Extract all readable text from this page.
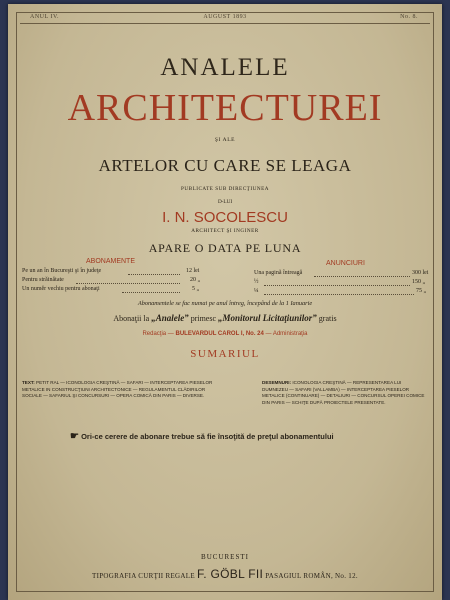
ANUL IV.	AUGUST 1893	No. 8.
ANALELE
ARCHITECTUREI
ŞI ALE
ARTELOR CU CARE SE LEAGA
PUBLICATE SUB DIRECŢIUNEA
D-LUI
I. N. SOCOLESCU
ARCHITECT ŞI INGINER
APARE O DATA PE LUNA
ABONAMENTE
Pe un an în Bucureşti şi în judeţe	12 lei
Pentru străinătate	20 „
Un numĕr vechiu pentru abonaţi	5 „
ANUNCIURI
Una pagină întreagă	300 lei
½	150 „
¼	75 „
Abonamentele se fac numai pe anul întreg, începând de la 1 Ianuarie
Abonaţii la „Analele” primesc „Monitorul Licitaţiunilor” gratis
Redacţia — BULEVARDUL CAROL I, No. 24 — Administraţia
SUMARIUL
TEXT: PETIT RAL — ICONOLOGIA CREŞTINĂ — SAFARI — INTERCEPTAREA PIESELOR METALICE IN CONSTRUCŢIUNI ARCHITECTONICE — REGULAMENTUL CLĂDIRILOR SOCIALE — SAFARIUL ŞI CONCURSURI — OPERA COMICĂ DIN PARIS — DIVERSE.
DESEMNURI: ICONOLOGIA CREŞTINĂ — REPRESENTAREA LUI DUMNEZEU — SAFARI (VALLAMBA) — INTERCEPTAREA PIESELOR METALICE (CONTINUARE) — DETALIURI — CONCURSUL OPEREI COMICE DIN PARIS — SCHIŢE DUPĂ PROIECTELE PRESENTATE.
☛ Ori-ce cerere de abonare trebue să fie însoţită de preţul abonamentului
BUCURESTI
TIPOGRAFIA CURŢII REGALE F. GÖBL FII PASAGIUL ROMÂN, No. 12.
